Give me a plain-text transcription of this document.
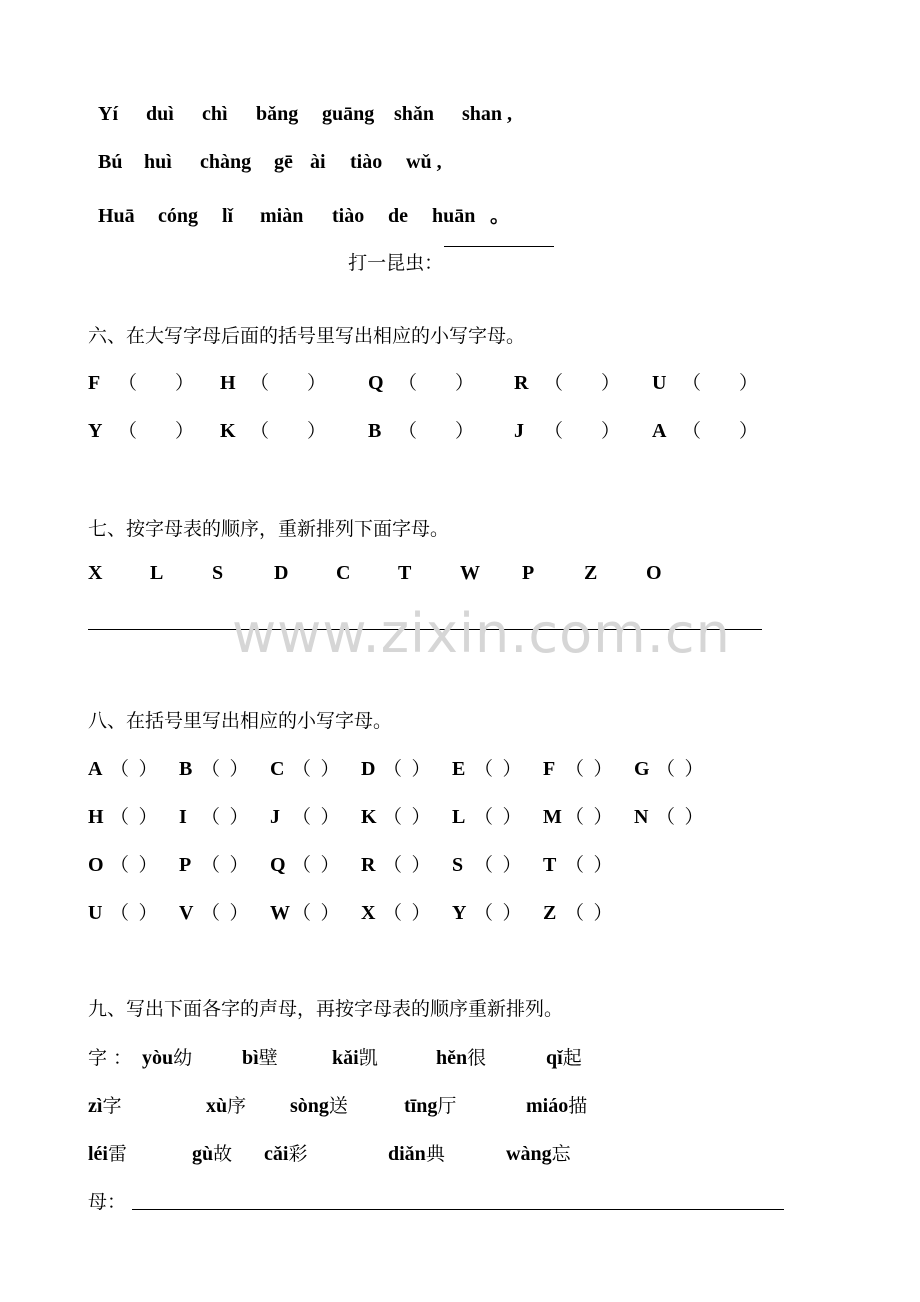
Yí duì chì bǎng guāng shǎn shan ,

Bú huì chàng gē ài tiào wǔ ,

Huā cóng lǐ miàn tiào de huān 。

打一昆虫：

六、在大写字母后面的括号里写出相应的小写字母。
F （  ）	H （  ）	Q （  ）	R （  ）	U （  ）
Y （  ）	K （  ）	B （  ）	J （  ）	A （  ）
七、按字母表的顺序，重新排列下面字母。
X	L	S	D	C	T	W	P	Z	O
www.zixin.com.cn
八、在括号里写出相应的小写字母。
A （ ）	B （ ）	C （ ）	D （ ）	E （ ）	F （ ）	G （ ）
H （ ）	I （ ）	J （ ）	K （ ）	L （ ）	M （ ）	N （ ）
O （ ）	P （ ）	Q （ ）	R （ ）	S （ ）	T （ ）
U （ ）	V （ ）	W （ ）	X （ ）	Y （ ）	Z （ ）
九、写出下面各字的声母，再按字母表的顺序重新排列。
字 ： yòu幼	bì壁	kǎi凯	hěn很	qǐ起
zì字	xù序	sòng送	tīng厅	miáo描
léi雷	gù故	cǎi彩	diǎn典	wàng忘
母：
